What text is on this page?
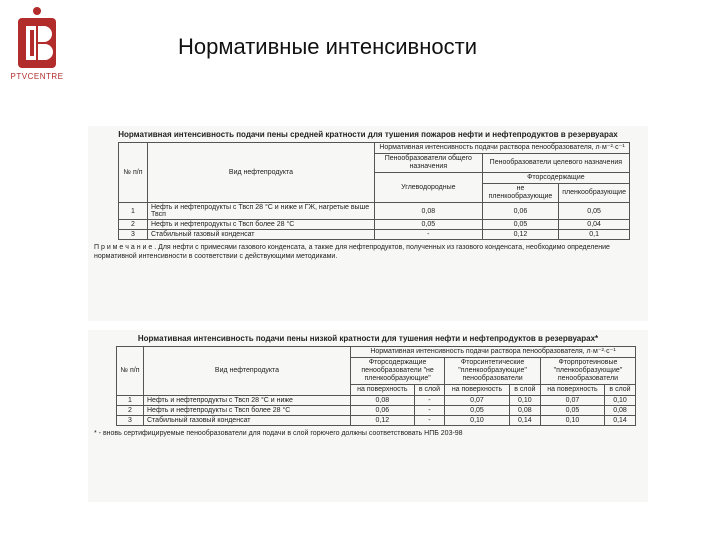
PTVCENTRE
Нормативные интенсивности
Нормативная интенсивность подачи пены средней кратности для тушения пожаров нефти и нефтепродуктов в резервуарах
№ п/п	Вид нефтепродукта	Нормативная интенсивность подачи раствора пенообразователя, л·м⁻²·с⁻¹		
		Пенообразователи общего назначения	Пенообразователи целевого назначения	
		Углеводородные	Фторсодержащие	
			не пленкообразующие	пленкообразующие
1	Нефть и нефтепродукты с Твсп 28 °С и ниже и ГЖ, нагретые выше Твсп	0,08	0,06	0,05
2	Нефть и нефтепродукты с Твсп более 28 °С	0,05	0,05	0,04
3	Стабильный газовый конденсат	-	0,12	0,1
П р и м е ч а н и е . Для нефти с примесями газового конденсата, а также для нефтепродуктов, полученных из газового конденсата, необходимо определение нормативной интенсивности в соответствии с действующими методиками.
Нормативная интенсивность подачи пены низкой кратности для тушения нефти и нефтепродуктов в резервуарах*
№ п/п	Вид нефтепродукта	Нормативная интенсивность подачи раствора пенообразователя, л·м⁻²·с⁻¹					
		Фторсодержащие пенообразователи "не пленкообразующие"		Фторсинтетические "пленкообразующие" пенообразователи		Фторпротеиновые "пленкообразующие" пенообразователи	
		на поверхность	в слой	на поверхность	в слой	на поверхность	в слой
1	Нефть и нефтепродукты с Твсп 28 °С и ниже	0,08	-	0,07	0,10	0,07	0,10
2	Нефть и нефтепродукты с Твсп более 28 °С	0,06	-	0,05	0,08	0,05	0,08
3	Стабильный газовый конденсат	0,12	-	0,10	0,14	0,10	0,14
* - вновь сертифицируемые пенообразователи для подачи в слой горючего должны соответствовать НПБ 203-98
